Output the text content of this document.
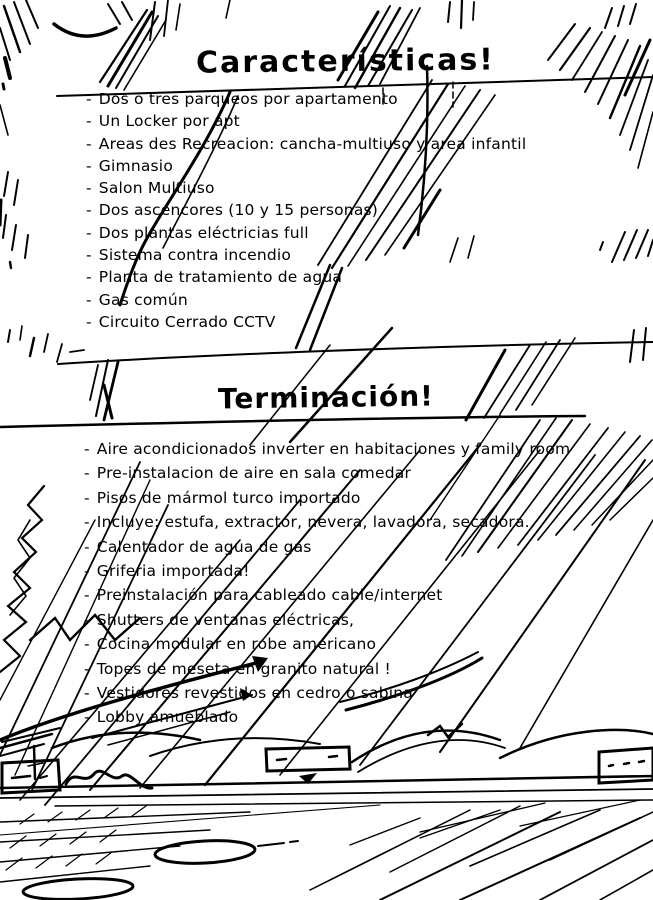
Características!
- Dos o tres parqueos por apartamento
- Un Locker por apt
- Areas des Recreacion: cancha-multiuso y area infantil
- Gimnasio
- Salon Multiuso
- Dos ascencores (10 y 15 personas)
- Dos plantas eléctricias full
- Sistema contra incendio
- Planta de tratamiento de agua
- Gas común
- Circuito Cerrado CCTV
Terminación!
- Aire acondicionados inverter en habitaciones y family room
- Pre-instalacion de aire en sala comedar
- Pisos de mármol turco importado
- Incluye: estufa, extractor, nevera, lavadora, secadora.
- Calentador de agua de gas
- Griferia importada!
- Preinstalación para cableado cable/internet
- Shutters de ventanas eléctricas,
- Cocina modular en robe americano
- Topes de meseta en granito natural !
- Vestidores revestidos en cedro o sabina
- Lobby amueblado
